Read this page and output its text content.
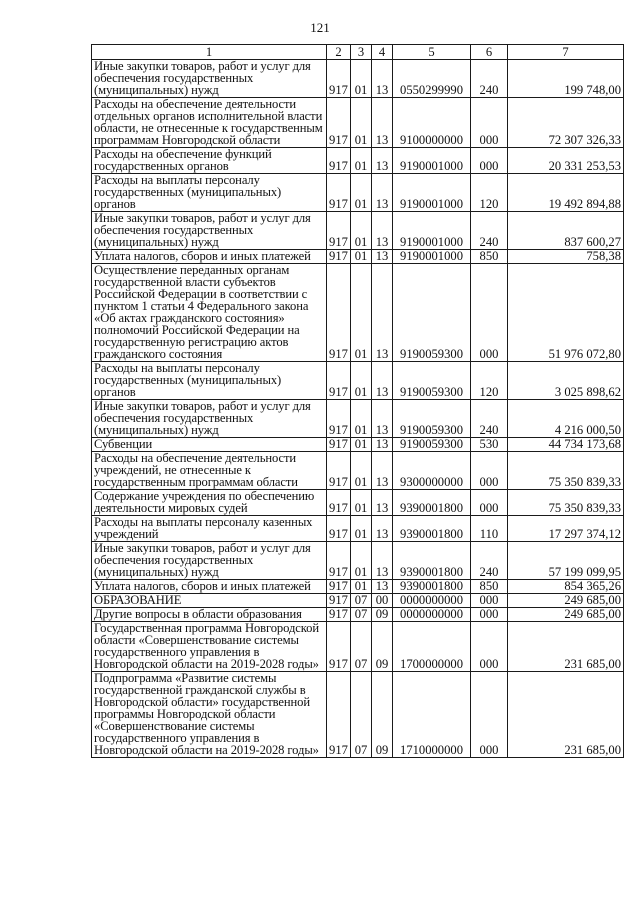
121
1	2	3	4	5	6	7
Иные закупки товаров, работ и услуг для обеспечения государственных (муниципальных) нужд	917	01	13	0550299990	240	199 748,00
Расходы на обеспечение деятельности отдельных органов исполнительной власти области, не отнесенные к государственным программам Новгородской области	917	01	13	9100000000	000	72 307 326,33
Расходы на обеспечение функций государственных органов	917	01	13	9190001000	000	20 331 253,53
Расходы на выплаты персоналу государственных (муниципальных) органов	917	01	13	9190001000	120	19 492 894,88
Иные закупки товаров, работ и услуг для обеспечения государственных (муниципальных) нужд	917	01	13	9190001000	240	837 600,27
Уплата налогов, сборов и иных платежей	917	01	13	9190001000	850	758,38
Осуществление переданных органам государственной власти субъектов Российской Федерации в соответствии с пунктом 1 статьи 4 Федерального закона «Об актах гражданского состояния» полномочий Российской Федерации на государственную регистрацию актов гражданского состояния	917	01	13	9190059300	000	51 976 072,80
Расходы на выплаты персоналу государственных (муниципальных) органов	917	01	13	9190059300	120	3 025 898,62
Иные закупки товаров, работ и услуг для обеспечения государственных (муниципальных) нужд	917	01	13	9190059300	240	4 216 000,50
Субвенции	917	01	13	9190059300	530	44 734 173,68
Расходы на обеспечение деятельности учреждений, не отнесенные к государственным программам области	917	01	13	9300000000	000	75 350 839,33
Содержание учреждения по обеспечению деятельности мировых судей	917	01	13	9390001800	000	75 350 839,33
Расходы на выплаты персоналу казенных учреждений	917	01	13	9390001800	110	17 297 374,12
Иные закупки товаров, работ и услуг для обеспечения государственных (муниципальных) нужд	917	01	13	9390001800	240	57 199 099,95
Уплата налогов, сборов и иных платежей	917	01	13	9390001800	850	854 365,26
ОБРАЗОВАНИЕ	917	07	00	0000000000	000	249 685,00
Другие вопросы в области образования	917	07	09	0000000000	000	249 685,00
Государственная программа Новгородской области «Совершенствование системы государственного управления в Новгородской области на 2019-2028 годы»	917	07	09	1700000000	000	231 685,00
Подпрограмма «Развитие системы государственной гражданской службы в Новгородской области» государственной программы Новгородской области «Совершенствование системы государственного управления в Новгородской области на 2019-2028 годы»	917	07	09	1710000000	000	231 685,00
